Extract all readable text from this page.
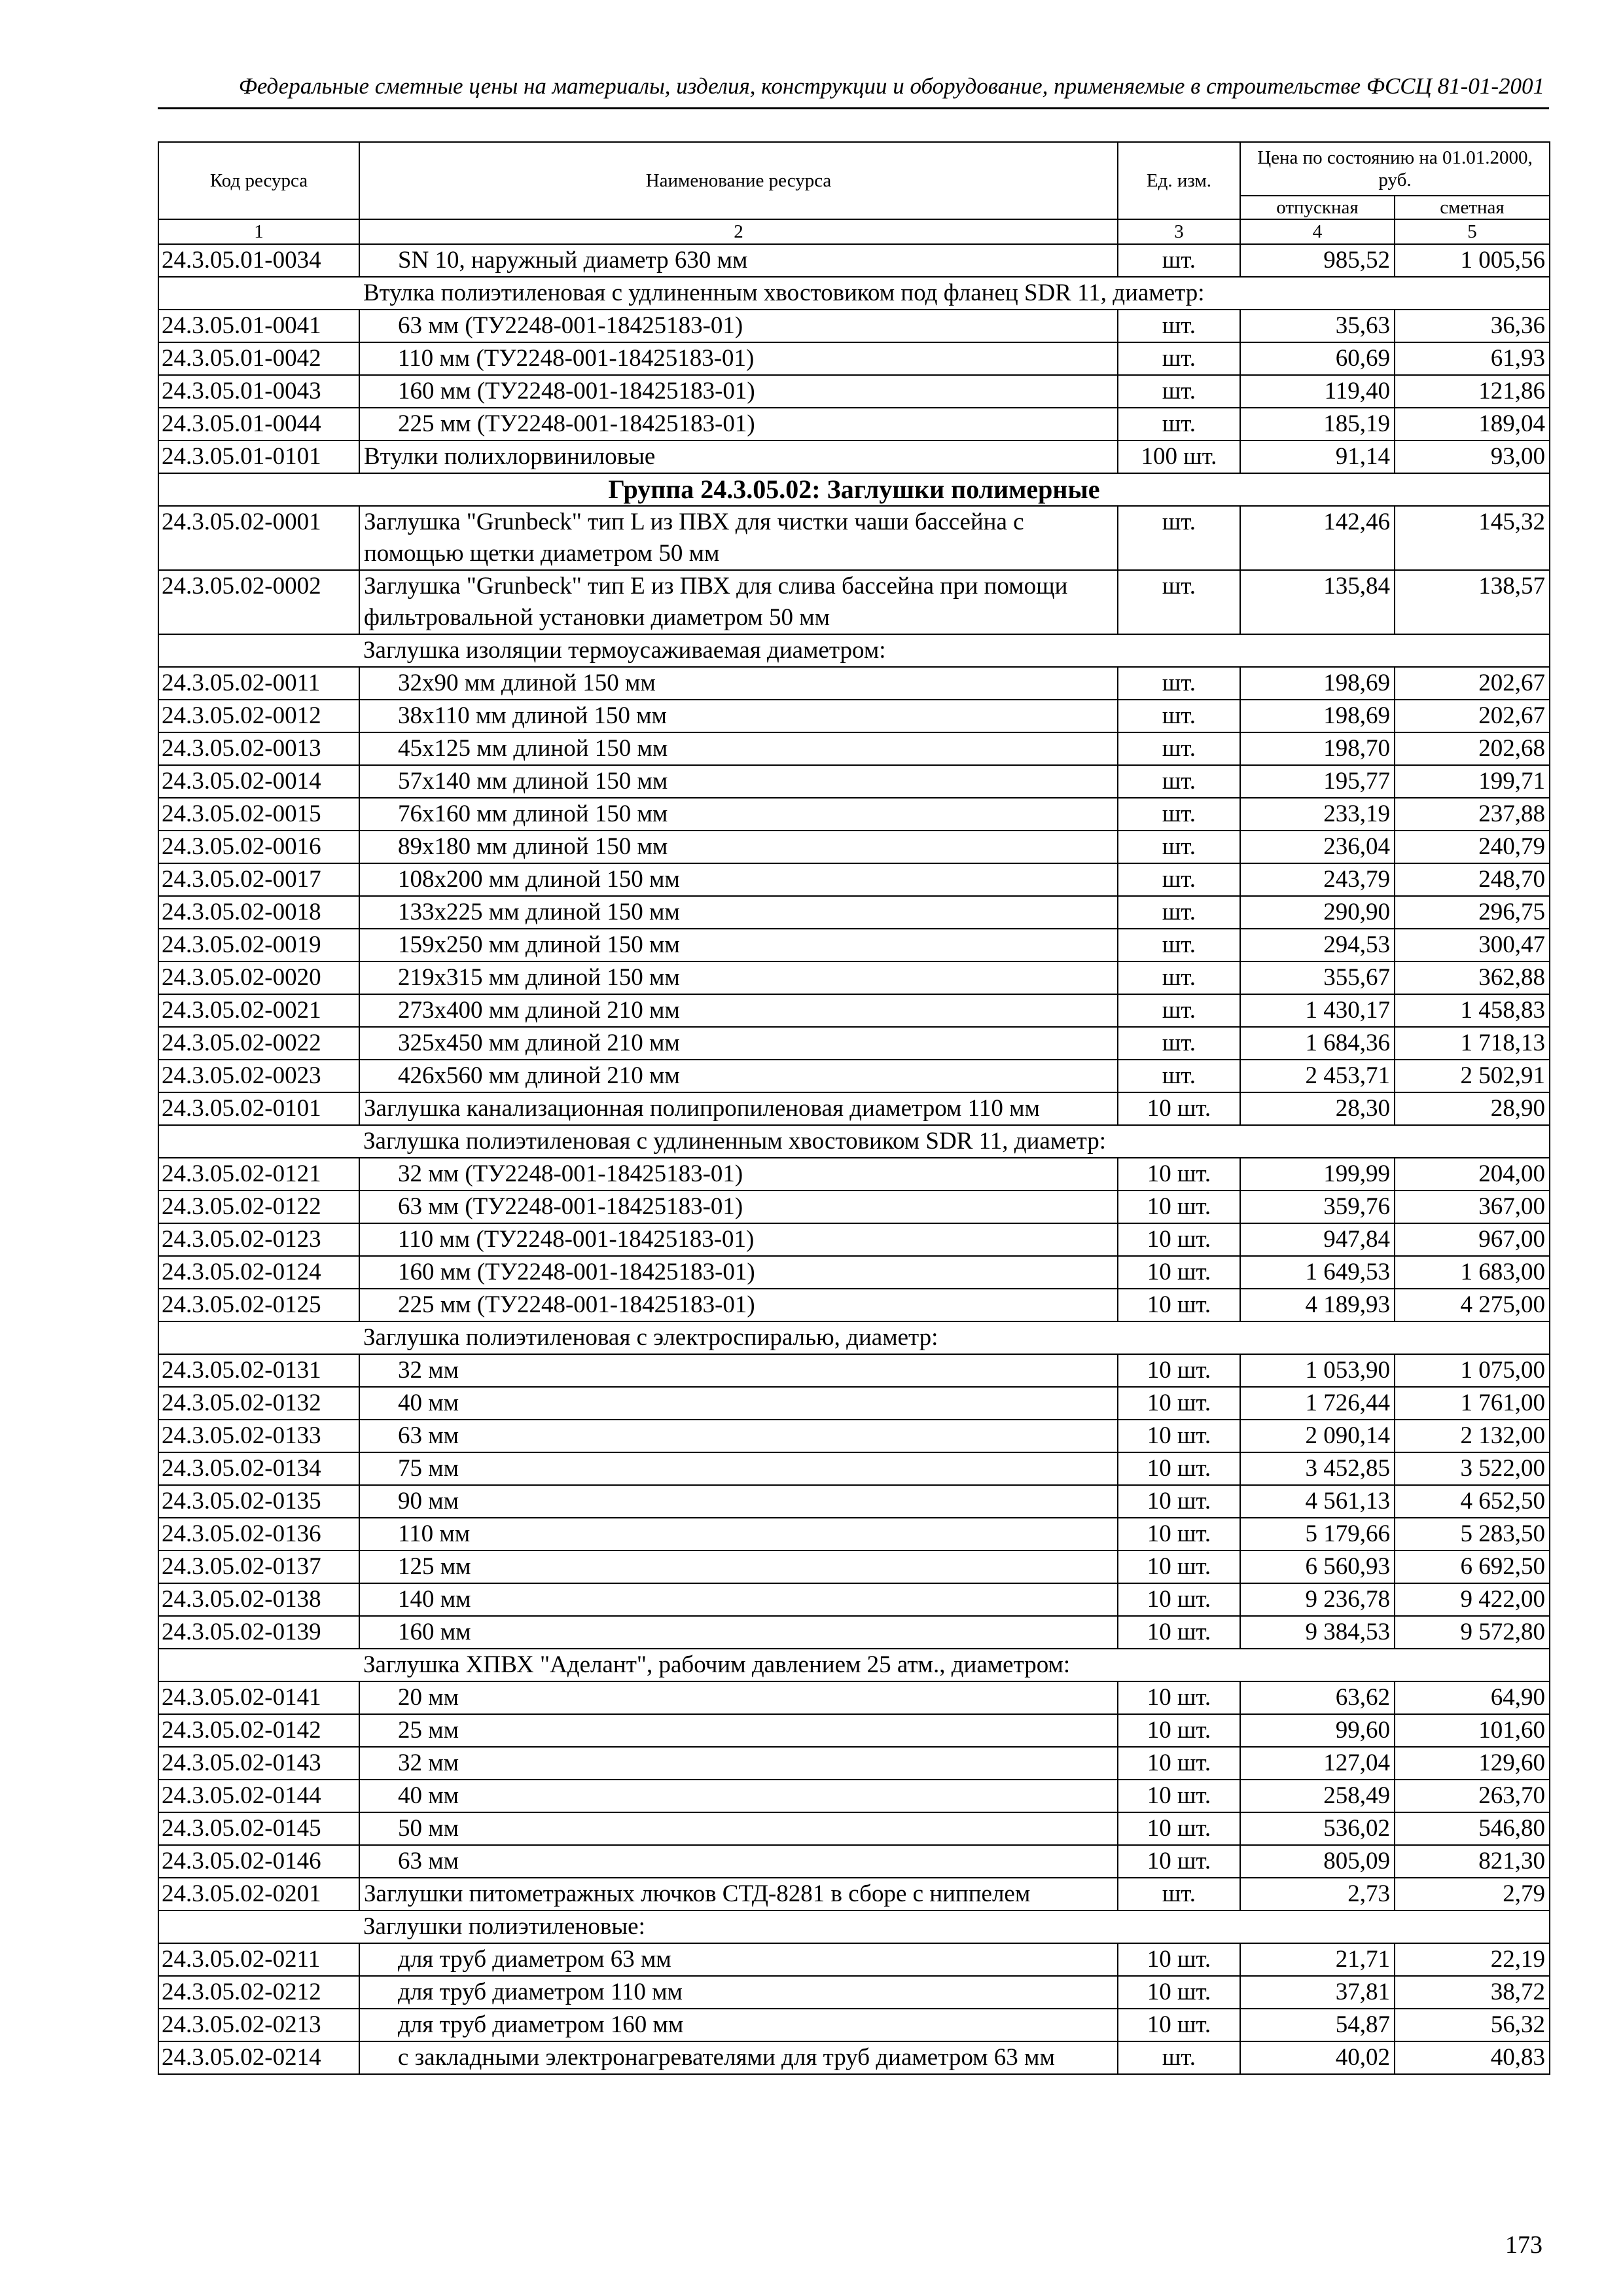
Федеральные сметные цены на материалы, изделия, конструкции и оборудование, применяемые в строительстве ФССЦ 81-01-2001
Код ресурса	Наименование ресурса	Ед. изм.	Цена по состоянию на 01.01.2000, руб.	
			отпускная	сметная
1	2	3	4	5
24.3.05.01-0034	SN 10, наружный диаметр 630 мм	шт.	985,52	1 005,56
	Втулка полиэтиленовая с удлиненным хвостовиком под фланец SDR 11, диаметр:			
24.3.05.01-0041	63 мм (ТУ2248-001-18425183-01)	шт.	35,63	36,36
24.3.05.01-0042	110 мм (ТУ2248-001-18425183-01)	шт.	60,69	61,93
24.3.05.01-0043	160 мм (ТУ2248-001-18425183-01)	шт.	119,40	121,86
24.3.05.01-0044	225 мм (ТУ2248-001-18425183-01)	шт.	185,19	189,04
24.3.05.01-0101	Втулки полихлорвиниловые	100 шт.	91,14	93,00
Группа 24.3.05.02: Заглушки полимерные				
24.3.05.02-0001	Заглушка "Grunbeck" тип L из ПВХ для чистки чаши бассейна с помощью щетки диаметром 50 мм	шт.	142,46	145,32
24.3.05.02-0002	Заглушка "Grunbeck" тип E из ПВХ для слива бассейна при помощи фильтровальной установки диаметром 50 мм	шт.	135,84	138,57
	Заглушка изоляции термоусаживаемая диаметром:			
24.3.05.02-0011	32х90 мм длиной 150 мм	шт.	198,69	202,67
24.3.05.02-0012	38х110 мм длиной 150 мм	шт.	198,69	202,67
24.3.05.02-0013	45х125 мм длиной 150 мм	шт.	198,70	202,68
24.3.05.02-0014	57х140 мм длиной 150 мм	шт.	195,77	199,71
24.3.05.02-0015	76х160 мм длиной 150 мм	шт.	233,19	237,88
24.3.05.02-0016	89х180 мм длиной 150 мм	шт.	236,04	240,79
24.3.05.02-0017	108х200 мм длиной 150 мм	шт.	243,79	248,70
24.3.05.02-0018	133х225 мм длиной 150 мм	шт.	290,90	296,75
24.3.05.02-0019	159х250 мм длиной 150 мм	шт.	294,53	300,47
24.3.05.02-0020	219х315 мм длиной 150 мм	шт.	355,67	362,88
24.3.05.02-0021	273х400 мм длиной 210 мм	шт.	1 430,17	1 458,83
24.3.05.02-0022	325х450 мм длиной 210 мм	шт.	1 684,36	1 718,13
24.3.05.02-0023	426х560 мм длиной 210 мм	шт.	2 453,71	2 502,91
24.3.05.02-0101	Заглушка канализационная полипропиленовая диаметром 110 мм	10 шт.	28,30	28,90
	Заглушка полиэтиленовая с удлиненным хвостовиком SDR 11, диаметр:			
24.3.05.02-0121	32 мм (ТУ2248-001-18425183-01)	10 шт.	199,99	204,00
24.3.05.02-0122	63 мм (ТУ2248-001-18425183-01)	10 шт.	359,76	367,00
24.3.05.02-0123	110 мм (ТУ2248-001-18425183-01)	10 шт.	947,84	967,00
24.3.05.02-0124	160 мм (ТУ2248-001-18425183-01)	10 шт.	1 649,53	1 683,00
24.3.05.02-0125	225 мм (ТУ2248-001-18425183-01)	10 шт.	4 189,93	4 275,00
	Заглушка полиэтиленовая с электроспиралью, диаметр:			
24.3.05.02-0131	32 мм	10 шт.	1 053,90	1 075,00
24.3.05.02-0132	40 мм	10 шт.	1 726,44	1 761,00
24.3.05.02-0133	63 мм	10 шт.	2 090,14	2 132,00
24.3.05.02-0134	75 мм	10 шт.	3 452,85	3 522,00
24.3.05.02-0135	90 мм	10 шт.	4 561,13	4 652,50
24.3.05.02-0136	110 мм	10 шт.	5 179,66	5 283,50
24.3.05.02-0137	125 мм	10 шт.	6 560,93	6 692,50
24.3.05.02-0138	140 мм	10 шт.	9 236,78	9 422,00
24.3.05.02-0139	160 мм	10 шт.	9 384,53	9 572,80
	Заглушка ХПВХ "Аделант", рабочим давлением 25 атм., диаметром:			
24.3.05.02-0141	20 мм	10 шт.	63,62	64,90
24.3.05.02-0142	25 мм	10 шт.	99,60	101,60
24.3.05.02-0143	32 мм	10 шт.	127,04	129,60
24.3.05.02-0144	40 мм	10 шт.	258,49	263,70
24.3.05.02-0145	50 мм	10 шт.	536,02	546,80
24.3.05.02-0146	63 мм	10 шт.	805,09	821,30
24.3.05.02-0201	Заглушки питометражных лючков СТД-8281 в сборе с ниппелем	шт.	2,73	2,79
	Заглушки полиэтиленовые:			
24.3.05.02-0211	для труб диаметром 63 мм	10 шт.	21,71	22,19
24.3.05.02-0212	для труб диаметром 110 мм	10 шт.	37,81	38,72
24.3.05.02-0213	для труб диаметром 160 мм	10 шт.	54,87	56,32
24.3.05.02-0214	с закладными электронагревателями для труб диаметром 63 мм	шт.	40,02	40,83
173
